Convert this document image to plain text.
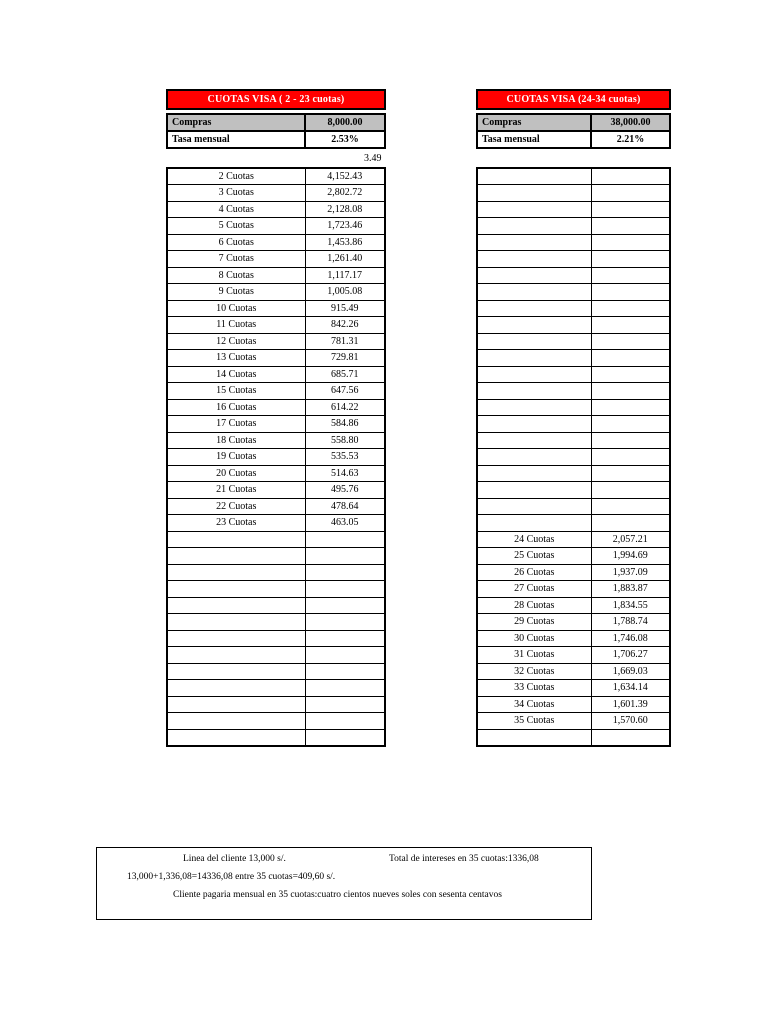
CUOTAS VISA ( 2 - 23 cuotas)
Compras	8,000.00
Tasa mensual	2.53%
3.49
2 Cuotas	4,152.43
3 Cuotas	2,802.72
4 Cuotas	2,128.08
5 Cuotas	1,723.46
6 Cuotas	1,453.86
7 Cuotas	1,261.40
8 Cuotas	1,117.17
9 Cuotas	1,005.08
10 Cuotas	915.49
11 Cuotas	842.26
12 Cuotas	781.31
13 Cuotas	729.81
14 Cuotas	685.71
15 Cuotas	647.56
16 Cuotas	614.22
17 Cuotas	584.86
18 Cuotas	558.80
19 Cuotas	535.53
20 Cuotas	514.63
21 Cuotas	495.76
22 Cuotas	478.64
23 Cuotas	463.05

CUOTAS VISA (24-34 cuotas)
Compras	38,000.00
Tasa mensual	2.21%

24 Cuotas	2,057.21
25 Cuotas	1,994.69
26 Cuotas	1,937.09
27 Cuotas	1,883.87
28 Cuotas	1,834.55
29 Cuotas	1,788.74
30 Cuotas	1,746.08
31 Cuotas	1,706.27
32 Cuotas	1,669.03
33 Cuotas	1,634.14
34 Cuotas	1,601.39
35 Cuotas	1,570.60

Linea del cliente 13,000 s/.	Total de intereses en 35 cuotas:1336,08
13,000+1,336,08=14336,08 entre 35 cuotas=409,60 s/.
Cliente pagaria mensual en 35 cuotas:cuatro cientos nueves soles con sesenta centavos
